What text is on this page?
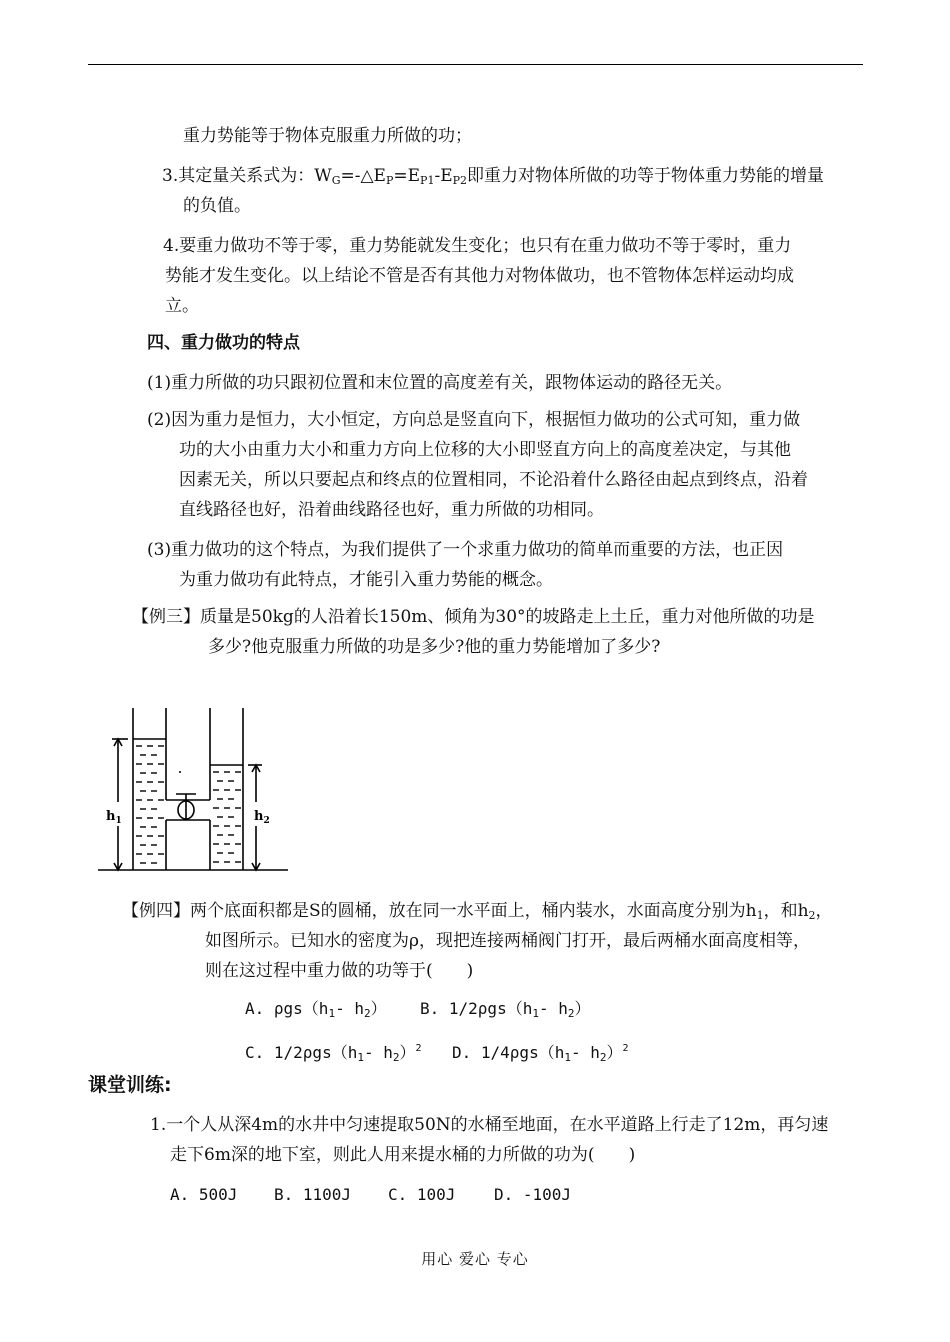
重力势能等于物体克服重力所做的功；
3.其定量关系式为：$W_G=-\triangle E_P=E_{P1}-E_{P2}$即重力对物体所做的功等于物体重力势能的增量
的负值。
4.要重力做功不等于零，重力势能就发生变化；也只有在重力做功不等于零时，重力
势能才发生变化。以上结论不管是否有其他力对物体做功，也不管物体怎样运动均成
立。
四、重力做功的特点
(1)重力所做的功只跟初位置和末位置的高度差有关，跟物体运动的路径无关。
(2)因为重力是恒力，大小恒定，方向总是竖直向下，根据恒力做功的公式可知，重力做
功的大小由重力大小和重力方向上位移的大小即竖直方向上的高度差决定，与其他
因素无关，所以只要起点和终点的位置相同，不论沿着什么路径由起点到终点，沿着
直线路径也好，沿着曲线路径也好，重力所做的功相同。
(3)重力做功的这个特点，为我们提供了一个求重力做功的简单而重要的方法，也正因
为重力做功有此特点，才能引入重力势能的概念。
【例三】质量是50kg的人沿着长150m、倾角为30°的坡路走上土丘，重力对他所做的功是
多少?他克服重力所做的功是多少?他的重力势能增加了多少?
$h_1$	$h_2$
【例四】两个底面积都是S的圆桶，放在同一水平面上，桶内装水，水面高度分别为$h_1$，和$h_2$，
如图所示。已知水的密度为ρ，现把连接两桶阀门打开，最后两桶水面高度相等，
则在这过程中重力做的功等于(　　)
A. $\rho gs(h_1-$ $h_2$） B. $1/2\rho gs(h_1-$ $h_2$）
C. $1/2\rho gs(h_1-$ $h_2)^2$ D. $1/4\rho gs(h_1-$ $h_2)^2$
课堂训练:
1.一个人从深4m的水井中匀速提取50N的水桶至地面，在水平道路上行走了12m，再匀速
走下6m深的地下室，则此人用来提水桶的力所做的功为(　　)
A. 500J B. 1100J C. 100J D. -100J
用心 爱心 专心
